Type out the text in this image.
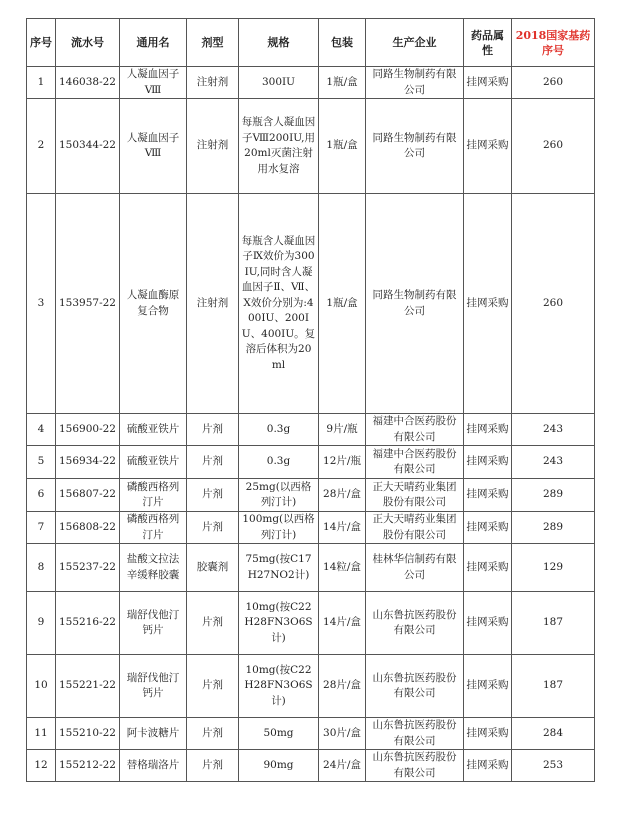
序号	流水号	通用名	剂型	规格	包装	生产企业	药品属性	2018国家基药序号
1	146038-22	人凝血因子Ⅷ	注射剂	300IU	1瓶/盒	同路生物制药有限公司	挂网采购	260
2	150344-22	人凝血因子Ⅷ	注射剂	每瓶含人凝血因子Ⅷ200IU,用20ml灭菌注射用水复溶	1瓶/盒	同路生物制药有限公司	挂网采购	260
3	153957-22	人凝血酶原复合物	注射剂	每瓶含人凝血因子Ⅸ效价为300IU,同时含人凝血因子Ⅱ、Ⅶ、Ⅹ效价分别为:400IU、200IU、400IU。复溶后体积为20ml	1瓶/盒	同路生物制药有限公司	挂网采购	260
4	156900-22	硫酸亚铁片	片剂	0.3g	9片/瓶	福建中合医药股份有限公司	挂网采购	243
5	156934-22	硫酸亚铁片	片剂	0.3g	12片/瓶	福建中合医药股份有限公司	挂网采购	243
6	156807-22	磷酸西格列汀片	片剂	25mg(以西格列汀计)	28片/盒	正大天晴药业集团股份有限公司	挂网采购	289
7	156808-22	磷酸西格列汀片	片剂	100mg(以西格列汀计)	14片/盒	正大天晴药业集团股份有限公司	挂网采购	289
8	155237-22	盐酸文拉法辛缓释胶囊	胶囊剂	75mg(按C17H27NO2计)	14粒/盒	桂林华信制药有限公司	挂网采购	129
9	155216-22	瑞舒伐他汀钙片	片剂	10mg(按C22H28FN3O6S计)	14片/盒	山东鲁抗医药股份有限公司	挂网采购	187
10	155221-22	瑞舒伐他汀钙片	片剂	10mg(按C22H28FN3O6S计)	28片/盒	山东鲁抗医药股份有限公司	挂网采购	187
11	155210-22	阿卡波糖片	片剂	50mg	30片/盒	山东鲁抗医药股份有限公司	挂网采购	284
12	155212-22	替格瑞洛片	片剂	90mg	24片/盒	山东鲁抗医药股份有限公司	挂网采购	253
